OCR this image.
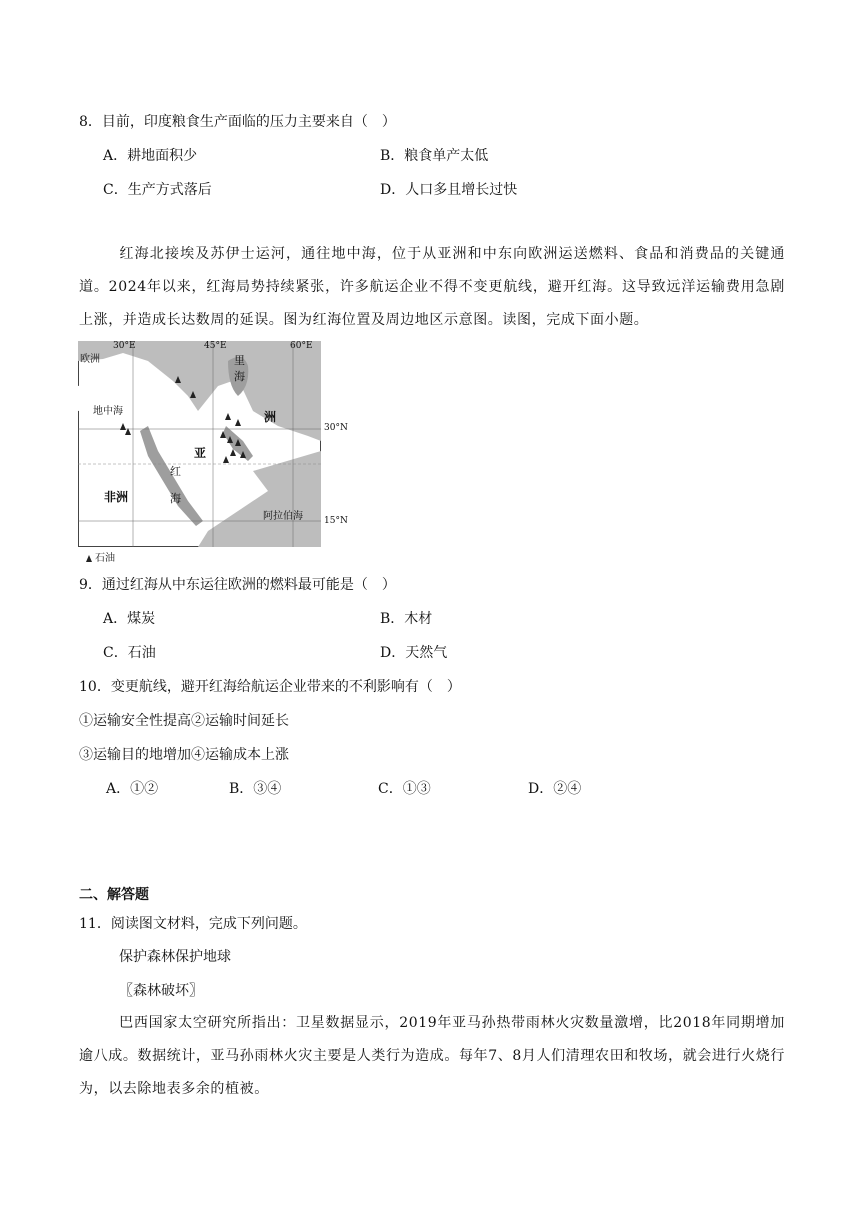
8．目前，印度粮食生产面临的压力主要来自（　）
A．耕地面积少	B．粮食单产太低
C．生产方式落后	D．人口多且增长过快
红海北接埃及苏伊士运河，通往地中海，位于从亚洲和中东向欧洲运送燃料、食品和消费品的关键通道。2024年以来，红海局势持续紧张，许多航运企业不得不变更航线，避开红海。这导致远洋运输费用急剧上涨，并造成长达数周的延误。图为红海位置及周边地区示意图。读图，完成下面小题。
30°E	45°E	60°E
30°N
15°N
欧洲
地中海
里
海
亚
洲
非洲
红
海
阿拉伯海
石油
9．通过红海从中东运往欧洲的燃料最可能是（　）
A．煤炭	B．木材
C．石油	D．天然气
10．变更航线，避开红海给航运企业带来的不利影响有（　）
①运输安全性提高②运输时间延长
③运输目的地增加④运输成本上涨
A．①②	B．③④	C．①③	D．②④
二、解答题
11．阅读图文材料，完成下列问题。
保护森林保护地球
〖森林破坏〗
巴西国家太空研究所指出：卫星数据显示，2019年亚马孙热带雨林火灾数量激增，比2018年同期增加逾八成。数据统计，亚马孙雨林火灾主要是人类行为造成。每年7、8月人们清理农田和牧场，就会进行火烧行为，以去除地表多余的植被。
